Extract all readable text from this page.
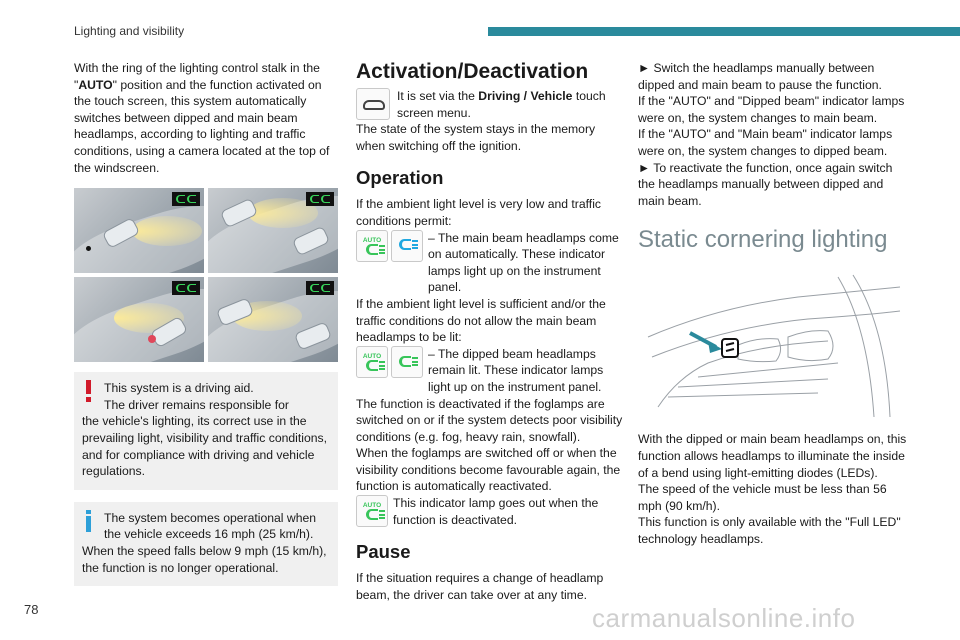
Lighting and visibility

With the ring of the lighting control stalk in the "AUTO" position and the function activated on the touch screen, this system automatically switches between dipped and main beam headlamps, according to lighting and traffic conditions, using a camera located at the top of the windscreen.

This system is a driving aid.
The driver remains responsible for
the vehicle's lighting, its correct use in the prevailing light, visibility and traffic conditions, and for compliance with driving and vehicle regulations.
The system becomes operational when
the vehicle exceeds 16 mph (25 km/h).
When the speed falls below 9 mph (15 km/h), the function is no longer operational.
Activation/Deactivation

It is set via the Driving / Vehicle touch screen menu.

The state of the system stays in the memory when switching off the ignition.

Operation

If the ambient light level is very low and traffic conditions permit:

AUTO	– The main beam headlamps come on automatically. These indicator lamps light up on the instrument panel.

If the ambient light level is sufficient and/or the traffic conditions do not allow the main beam headlamps to be lit:

AUTO	– The dipped beam headlamps remain lit. These indicator lamps light up on the instrument panel.

The function is deactivated if the foglamps are switched on or if the system detects poor visibility conditions (e.g. fog, heavy rain, snowfall).

When the foglamps are switched off or when the visibility conditions become favourable again, the function is automatically reactivated.

AUTO This indicator lamp goes out when the function is deactivated.

Pause

If the situation requires a change of headlamp beam, the driver can take over at any time.

► Switch the headlamps manually between dipped and main beam to pause the function.

If the "AUTO" and "Dipped beam" indicator lamps were on, the system changes to main beam.

If the "AUTO" and "Main beam" indicator lamps were on, the system changes to dipped beam.

► To reactivate the function, once again switch the headlamps manually between dipped and main beam.

Static cornering lighting

With the dipped or main beam headlamps on, this function allows headlamps to illuminate the inside of a bend using light-emitting diodes (LEDs).

The speed of the vehicle must be less than 56 mph (90 km/h).

This function is only available with the "Full LED" technology headlamps.

78	carmanualsonline.info
